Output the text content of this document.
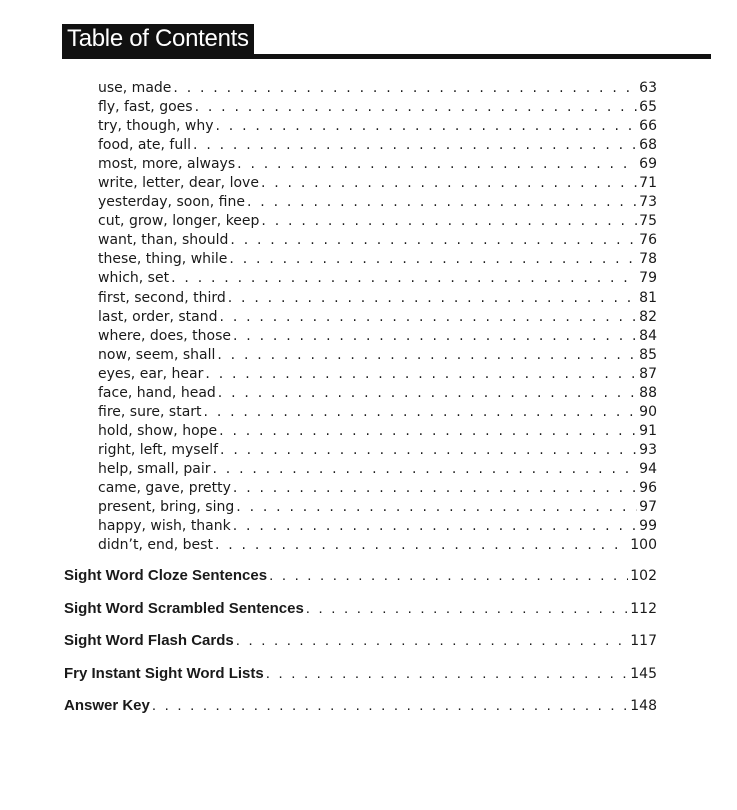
Table of Contents
use, made . . .	63
fly, fast, goes . . .	65
try, though, why . . .	66
food, ate, full . . .	68
most, more, always . . .	69
write, letter, dear, love . . .	71
yesterday, soon, fine . . .	73
cut, grow, longer, keep . . .	75
want, than, should . . .	76
these, thing, while . . .	78
which, set . . .	79
first, second, third . . .	81
last, order, stand . . .	82
where, does, those . . .	84
now, seem, shall . . .	85
eyes, ear, hear . . .	87
face, hand, head . . .	88
fire, sure, start . . .	90
hold, show, hope . . .	91
right, left, myself . . .	93
help, small, pair . . .	94
came, gave, pretty . . .	96
present, bring, sing . . .	97
happy, wish, thank . . .	99
didn’t, end, best . . .	100
Sight Word Cloze Sentences . . .	102
Sight Word Scrambled Sentences . . .	112
Sight Word Flash Cards . . .	117
Fry Instant Sight Word Lists . . .	145
Answer Key . . .	148
